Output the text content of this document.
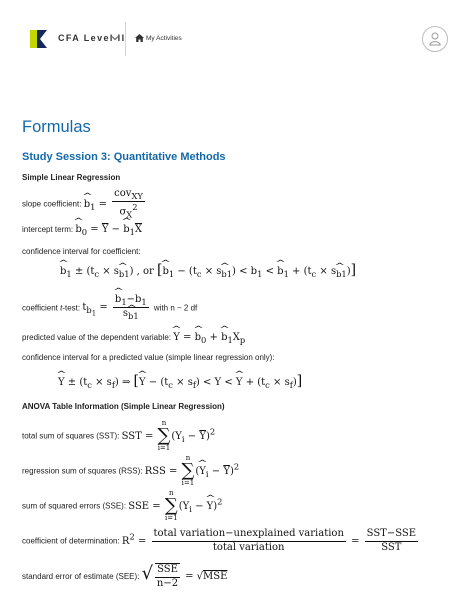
CFA Level II	My Activities
Formulas
Study Session 3: Quantitative Methods
Simple Linear Regression
slope coefficient: ^ $b_1 = \frac{cov_{XY}}{\sigma_X^2}$
intercept term: ^ $b_0 = \overline{Y}$ − ^ $b_1\overline{X}$
confidence interval for coefficient:
^ $b_1 \pm (t_c$ × s^ $_{b1}$) , or [^ $b_1 - (t_c$ × s^ $_{b1}) < b_1$ < ^ $b_1 + (t_c$ × s^ $_{b1}$)]
coefficient t-test: $t_{b_1}$ = ^ $\frac{b_1-b_1}{s\^{} _{b1}}$ with n − 2 df
predicted value of the dependent variable: ^ Y = ^ $b_0$ + ^ $b_1X_p$
confidence interval for a predicted value (simple linear regression only):
^ $Y \pm (t_c \times s_f)$ ⇒ [^ $Y - (t_c \times s_f) < Y$ < ^ $Y + (t_c \times s_f)$]
ANOVA Table Information (Simple Linear Regression)
total sum of squares (SST): SST =
n
∑
i=1
$(Y_i - \overline{Y})^2$
regression sum of squares (RSS): RSS =
n
∑
i=1
(^ $Y_i - \overline{Y})^2$
sum of squared errors (SSE): SSE =
n
∑
i=1
($Y_i$ − ^ Y)$^2$
coefficient of determination: $R^2 = \frac{\text{total variation−unexplained variation}}{\text{total variation}} = \frac{\text{SST−SSE}}{\text{SST}}$
standard error of estimate (SEE): √ $\frac{\text{SSE}}{n-2} = √MSE$
